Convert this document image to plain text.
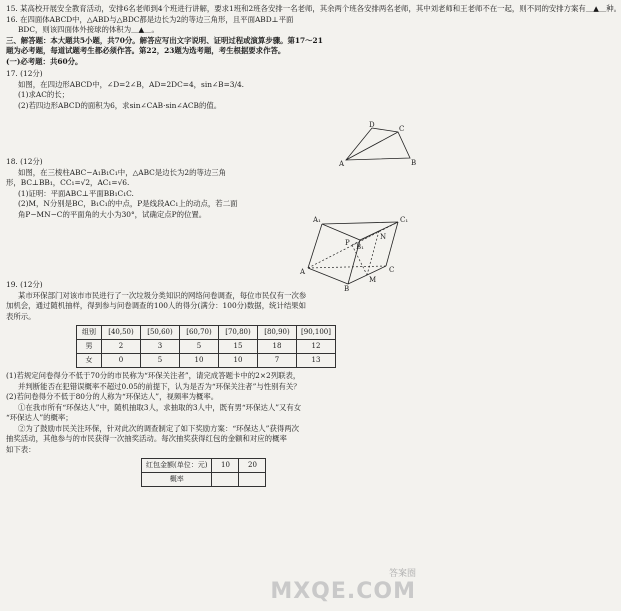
15. 某高校开展安全教育活动，安排6名老师到4个班进行讲解，要求1班和2班各安排一名老师，其余两个班各安排两名老师，其中刘老师和王老师不在一起，则不同的安排方案有＿▲＿种。
16. 在四面体ABCD中，△ABD与△BDC都是边长为2的等边三角形，且平面ABD⊥平面
BDC，则该四面体外接球的体积为＿▲＿。
三、解答题：本大题共5小题，共70分。解答应写出文字说明、证明过程或演算步骤。第17～21
题为必考题，每道试题考生都必须作答。第22，23题为选考题，考生根据要求作答。
(一)必考题：共60分。
17. (12分)
如图，在四边形ABCD中，∠D=2∠B，AD=2DC=4，sin∠B=3/4.
(1)求AC的长；
(2)若四边形ABCD的面积为6，求sin∠CAB·sin∠ACB的值。
18. (12分)
如图，在三棱柱ABC−A₁B₁C₁中，△ABC是边长为2的等边三角
形，BC⊥BB₁，CC₁=√2，AC₁=√6.
(1)证明：平面ABC⊥平面BB₁C₁C.
(2)M，N分别是BC，B₁C₁的中点，P是线段AC₁上的动点，若二面
角P−MN−C的平面角的大小为30°，试确定点P的位置。
19. (12分)
某市环保部门对该市市民进行了一次垃圾分类知识的网络问卷调查，每位市民仅有一次参
加机会，通过随机抽样，得到参与问卷调查的100人的得分(满分：100分)数据，统计结果如
表所示。
组别	[40,50)	[50,60)	[60,70)	[70,80)	[80,90)	[90,100]
男	2	3	5	15	18	12
女	0	5	10	10	7	13
(1)若规定问卷得分不低于70分的市民称为“环保关注者”，请完成答题卡中的2×2列联表，
并判断能否在犯错误概率不超过0.05的前提下，认为是否为“环保关注者”与性别有关？
(2)若问卷得分不低于80分的人称为“环保达人”，视频率为概率。
①在我市所有“环保达人”中，随机抽取3人，求抽取的3人中，既有男“环保达人”又有女
“环保达人”的概率；
②为了鼓励市民关注环保，针对此次的调查制定了如下奖励方案：“环保达人”获得两次
抽奖活动，其他参与的市民获得一次抽奖活动。每次抽奖获得红包的金额和对应的概率
如下表：
红包金额(单位：元)	10	20
概率		
D	C
A	B
A₁	C₁
B₁
N
P
A
M
C
B
答案圈
MXQE.COM
